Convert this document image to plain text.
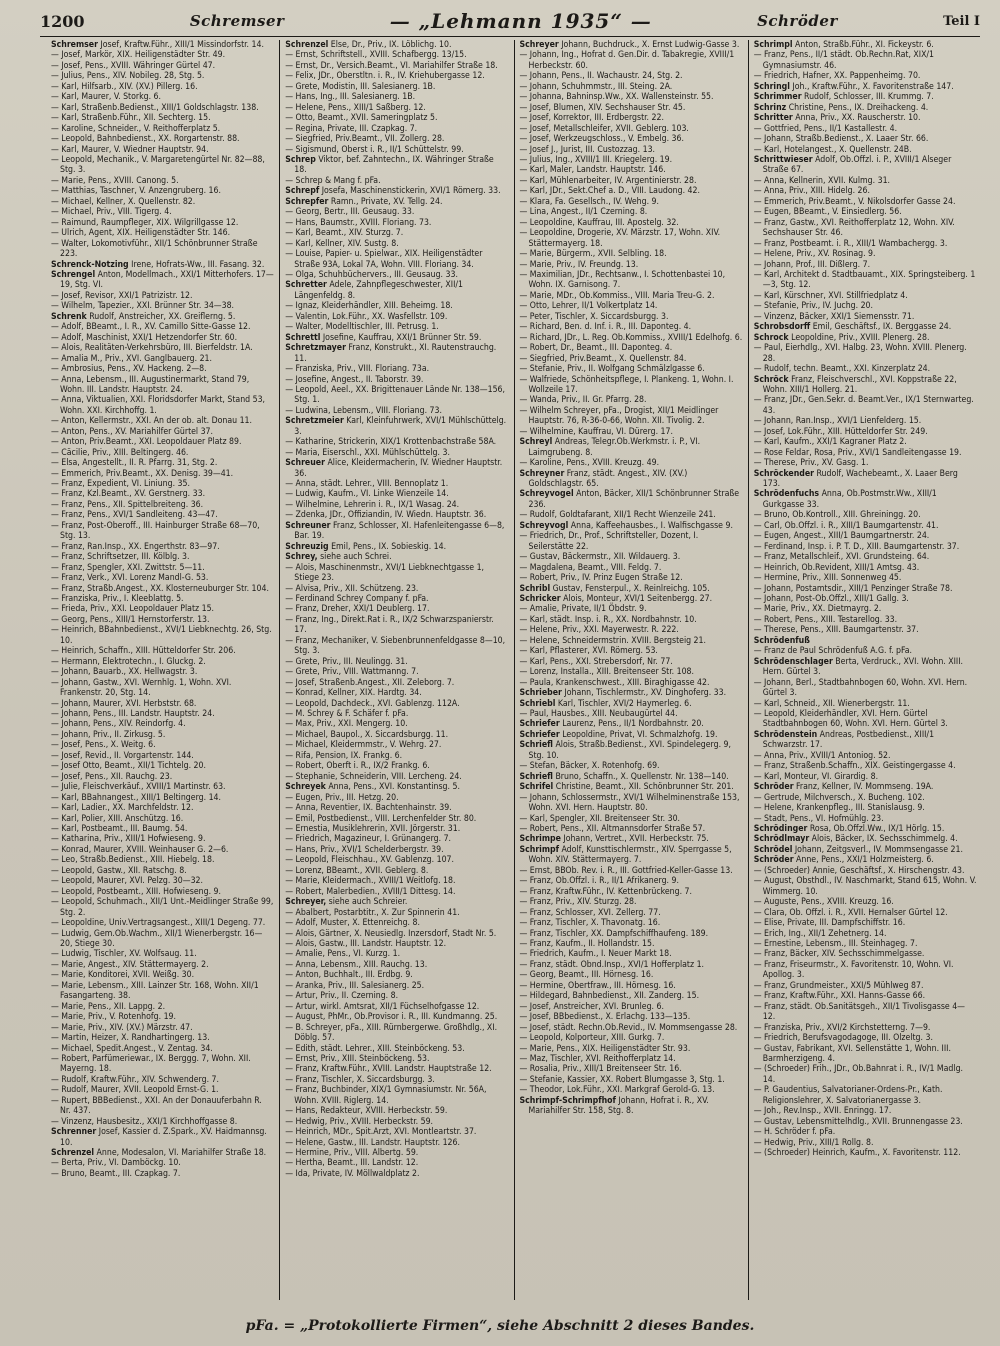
1200	Schremser	— „Lehmann 1935“ —	Schröder	Teil I

Schremser Josef, Kraftw.Führ., XIII/1 Missindorfstr. 14.

— Josef, Markör, XIX. Heiligenstädter Str. 49.

— Josef, Pens., XVIII. Währinger Gürtel 47.

— Julius, Pens., XIV. Nobileg. 28, Stg. 5.

— Karl, Hilfsarb., XIV. (XV.) Pillerg. 16.

— Karl, Maurer, V. Storkg. 6.

— Karl, Straßenb.Bedienst., XIII/1 Goldschlagstr. 138.

— Karl, Straßenb.Führ., XII. Sechterg. 15.

— Karoline, Schneider., V. Reithofferplatz 5.

— Leopold, Bahnbedienst., XX. Rorgartenstr. 88.

— Karl, Maurer, V. Wiedner Hauptstr. 94.

— Leopold, Mechanik., V. Margaretengürtel Nr. 82—88, Stg. 3.

— Marie, Pens., XVIII. Canong. 5.

— Matthias, Taschner, V. Anzengruberg. 16.

— Michael, Kellner, X. Quellenstr. 82.

— Michael, Priv., VIII. Tigerg. 4.

— Raimund, Raumpfleger, XIX. Wilgrillgasse 12.

— Ulrich, Agent, XIX. Heiligenstädter Str. 146.

— Walter, Lokomotivführ., XII/1 Schönbrunner Straße 223.

Schrenck-Notzing Irene, Hofrats-Ww., III. Fasang. 32.

Schrengel Anton, Modellmach., XXI/1 Mitterhofers. 17—19, Stg. VI.

— Josef, Revisor, XXI/1 Patrizistr. 12.

— Wilhelm, Tapezier., XXI. Brünner Str. 34—38.

Schrenk Rudolf, Anstreicher, XX. Greiflerng. 5.

— Adolf, BBeamt., I. R., XV. Camillo Sitte-Gasse 12.

— Adolf, Maschinist, XXI/1 Hetzendorfer Str. 60.

— Alois, Realitäten-Verkehrsbüro, III. Bierfeldstr. 1A.

— Amalia M., Priv., XVI. Ganglbauerg. 21.

— Ambrosius, Pens., XV. Hackeng. 2—8.

— Anna, Lebensm., III. Augustinermarkt, Stand 79, Wohn. III. Landstr. Hauptstr. 24.

— Anna, Viktualien, XXI. Floridsdorfer Markt, Stand 53, Wohn. XXI. Kirchhoffg. 1.

— Anton, Kellermstr., XXI. An der ob. alt. Donau 11.

— Anton, Pens., XV. Mariahilfer Gürtel 37.

— Anton, Priv.Beamt., XXI. Leopoldauer Platz 89.

— Cäcilie, Priv., XIII. Beltingerg. 46.

— Elsa, Angestellt., II. R. Pfarrg. 31, Stg. 2.

— Emmerich, Priv.Beamt., XX. Denisg. 39—41.

— Franz, Expedient, VI. Liniung. 35.

— Franz, Kzl.Beamt., XV. Gerstnerg. 33.

— Franz, Pens., XII. Spittelbreiteng. 36.

— Franz, Pens., XVI/1 Sandleiteng. 43—47.

— Franz, Post-Oberoff., III. Hainburger Straße 68—70, Stg. 13.

— Franz, Ran.Insp., XX. Engerthstr. 83—97.

— Franz, Schriftsetzer, III. Kölblg. 3.

— Franz, Spengler, XXI. Zwittstr. 5—11.

— Franz, Verk., XVI. Lorenz Mandl-G. 53.

— Franz, Straßb.Angest., XX. Klosterneuburger Str. 104.

— Franziska, Priv., I. Kleeblattg. 5.

— Frieda, Priv., XXI. Leopoldauer Platz 15.

— Georg, Pens., XIII/1 Hernstorferstr. 13.

— Heinrich, BBahnbedienst., XVI/1 Liebknechtg. 26, Stg. 10.

— Heinrich, Schaffn., XIII. Hütteldorfer Str. 206.

— Hermann, Elektrotechn., I. Gluckg. 2.

— Johann, Bauarb., XX. Hellwagstr. 3.

— Johann, Gastw., XVI. Wernhlg. 1, Wohn. XVI. Frankenstr. 20, Stg. 14.

— Johann, Maurer, XVI. Herbststr. 68.

— Johann, Pens., III. Landstr. Hauptstr. 24.

— Johann, Pens., XIV. Reindorfg. 4.

— Johann, Priv., II. Zirkusg. 5.

— Josef, Pens., X. Weitg. 6.

— Josef, Revid., II. Vorgartenstr. 144.

— Josef Otto, Beamt., XII/1 Tichtelg. 20.

— Josef, Pens., XII. Rauchg. 23.

— Julie, Fleischverkäuf., XVIII/1 Martinstr. 63.

— Karl, BBahnangest., XIII/1 Beltingerg. 14.

— Karl, Ladier., XX. Marchfeldstr. 12.

— Karl, Polier, XIII. Anschützg. 16.

— Karl, Postbeamt., III. Baumg. 54.

— Katharina, Priv., XIII/1 Hofwieseng. 9.

— Konrad, Maurer, XVIII. Weinhauser G. 2—6.

— Leo, Straßb.Bedienst., XIII. Hiebelg. 18.

— Leopold, Gastw., XII. Ratschg. 8.

— Leopold, Maurer, XVI. Pelzg. 30—32.

— Leopold, Postbeamt., XIII. Hofwieseng. 9.

— Leopold, Schuhmach., XII/1 Unt.-Meidlinger Straße 99, Stg. 2.

— Leopoldine, Univ.Vertragsangest., XIII/1 Degeng. 77.

— Ludwig, Gem.Ob.Wachm., XII/1 Wienerbergstr. 16—20, Stiege 30.

— Ludwig, Tischler, XV. Wolfsaug. 11.

— Marie, Angest., XIV. Stättermayerg. 2.

— Marie, Konditorei, XVII. Weißg. 30.

— Marie, Lebensm., XIII. Lainzer Str. 168, Wohn. XII/1 Fasangarteng. 38.

— Marie, Pens., XII. Lappg. 2.

— Marie, Priv., V. Rotenhofg. 19.

— Marie, Priv., XIV. (XV.) Märzstr. 47.

— Martin, Heizer, X. Randhartingerg. 13.

— Michael, Spedit.Angest., V. Zentag. 34.

— Robert, Parfümeriewar., IX. Berggg. 7, Wohn. XII. Mayerng. 18.

— Rudolf, Kraftw.Führ., XIV. Schwenderg. 7.

— Rudolf, Maurer, XVII. Leopold Ernst-G. 1.

— Rupert, BBBedienst., XXI. An der Donauuferbahn R. Nr. 437.

— Vinzenz, Hausbesitz., XXI/1 Kirchhoffgasse 8.

Schrenner Josef, Kassier d. Z.Spark., XV. Haidmannsg. 10.

Schrenzel Anne, Modesalon, VI. Mariahilfer Straße 18.

— Berta, Priv., VI. Damböckg. 10.

— Bruno, Beamt., III. Czapkag. 7.

Schrenzel Else, Dr., Priv., IX. Löblichg. 10.

— Ernst, Schriftstell., XVIII. Schafbergg. 13/15.

— Ernst, Dr., Versich.Beamt., VI. Mariahilfer Straße 18.

— Felix, JDr., Oberstltn. i. R., IV. Kriehubergasse 12.

— Grete, Modistin, III. Salesianerg. 1B.

— Hans, Ing., III. Salesianerg. 1B.

— Helene, Pens., XIII/1 Saßberg. 12.

— Otto, Beamt., XVII. Sameringplatz 5.

— Regina, Private, III. Czapkag. 7.

— Siegfried, Priv.Beamt., VII. Zollerg. 28.

— Sigismund, Oberst i. R., II/1 Schüttelstr. 99.

Schrep Viktor, bef. Zahntechn., IX. Währinger Straße 18.

— Schrep & Mang f. pFa.

Schrepf Josefa, Maschinenstickerin, XVI/1 Römerg. 33.

Schrepfer Ramn., Private, XV. Tellg. 24.

— Georg, Bertr., III. Geusaug. 33.

— Hans, Baumstr., XVIII. Floriang. 73.

— Karl, Beamt., XIV. Sturzg. 7.

— Karl, Kellner, XIV. Sustg. 8.

— Louise, Papier- u. Spielwar., XIX. Heiligenstädter Straße 93A, Lokal 7A, Wohn. VIII. Floriang. 34.

— Olga, Schuhbüchervers., III. Geusaug. 33.

Schretter Adele, Zahnpflegeschwester, XII/1 Längenfeldg. 8.

— Ignaz, Kleiderhändler, XIII. Beheimg. 18.

— Valentin, Lok.Führ., XX. Wasfellstr. 109.

— Walter, Modelltischler, III. Petrusg. 1.

Schrettl Josefine, Kauffrau, XXI/1 Brünner Str. 59.

Schretzmayer Franz, Konstrukt., XI. Rautenstrauchg. 11.

— Franziska, Priv., VIII. Floriang. 73a.

— Josefine, Angest., II. Taborstr. 39.

— Leopold, Aeel., XX. Brigittenauer Lände Nr. 138—156, Stg. 1.

— Ludwina, Lebensm., VIII. Floriang. 73.

Schretzmeier Karl, Kleinfuhrwerk, XVI/1 Mühlschüttelg. 3.

— Katharine, Strickerin, XIX/1 Krottenbachstraße 58A.

— Maria, Eiserschl., XXI. Mühlschüttelg. 3.

Schreuer Alice, Kleidermacherin, IV. Wiedner Hauptstr. 36.

— Anna, städt. Lehrer., VIII. Bennoplatz 1.

— Ludwig, Kaufm., VI. Linke Wienzeile 14.

— Wilhelmine, Lehrerin i. R., IX/1 Wasag. 24.

— Zdenka, JDr., Offiziandin, IV. Wiedn. Hauptstr. 36.

Schreuner Franz, Schlosser, XI. Hafenleitengasse 6—8, Bar. 19.

Schreuzig Emil, Pens., IX. Sobieskig. 14.

Schrey, siehe auch Schrei.

— Alois, Maschinenmstr., XVI/1 Liebknechtgasse 1, Stiege 23.

— Alvisa, Priv., XII. Schützeng. 23.

— Ferdinand Schrey Company f. pFa.

— Franz, Dreher, XXI/1 Deublerg. 17.

— Franz, Ing., Direkt.Rat i. R., IX/2 Schwarzspanierstr. 17.

— Franz, Mechaniker, V. Siebenbrunnenfeldgasse 8—10, Stg. 3.

— Grete, Priv., III. Neulingg. 31.

— Grete, Priv., VIII. Wattmanng. 7.

— Josef, Straßenb.Angest., XII. Zeleborg. 7.

— Konrad, Kellner, XIX. Hardtg. 34.

— Leopold, Dachdeck., XVI. Gablenzg. 112A.

— M. Schrey & F. Schäfer f. pFa.

— Max, Priv., XXI. Mengerg. 10.

— Michael, Baupol., X. Siccardsburgg. 11.

— Michael, Kleidermmstr., V. Wehrg. 27.

— Rifa, Pension, IX. Frankg. 6.

— Robert, Oberft i. R., IX/2 Frankg. 6.

— Stephanie, Schneiderin, VIII. Lercheng. 24.

Schreyek Anna, Pens., XVI. Konstantinsg. 5.

— Eugen, Priv., III. Hetzg. 20.

— Anna, Reventier, IX. Bachtenhainstr. 39.

— Emil, Postbedienst., VIII. Lerchenfelder Str. 80.

— Ernestia, Musiklehrerin, XVII. Jörgerstr. 31.

— Friedrich, Magazineur, I. Grünangerg. 7.

— Hans, Priv., XVI/1 Schelderbergstr. 39.

— Leopold, Fleischhau., XV. Gablenzg. 107.

— Lorenz, BBeamt., XVII. Geblerg. 8.

— Marie, Kleidermach., XVIII/1 Weitlofg. 18.

— Robert, Malerbedien., XVIII/1 Dittesg. 14.

Schreyer, siehe auch Schreier.

— Abalbert, Postarbtitr., X. Zur Spinnerin 41.

— Adolf, Muster, X. Ettenreichg. 8.

— Alois, Gärtner, X. Neusiedlg. Inzersdorf, Stadt Nr. 5.

— Alois, Gastw., III. Landstr. Hauptstr. 12.

— Amalie, Pens., VI. Kurzg. 1.

— Anna, Lebensm., XIII. Rauchg. 13.

— Anton, Buchhalt., III. Erdbg. 9.

— Aranka, Priv., III. Salesianerg. 25.

— Artur, Priv., II. Czerning. 8.

— Artur, wirkl. Amtsrat, XII/1 Füchselhofgasse 12.

— August, PhMr., Ob.Provisor i. R., III. Kundmanng. 25.

— B. Schreyer, pFa., XIII. Rürnbergerwe. Großhdlg., XI. Döblg. 57.

— Edith, städt. Lehrer., XIII. Steinböckeng. 53.

— Ernst, Priv., XIII. Steinböckeng. 53.

— Franz, Kraftw.Führ., XVIII. Landstr. Hauptstraße 12.

— Franz, Tischler, X. Siccardsburgg. 3.

— Franz, Buchbinder, XIX/1 Gymnasiumstr. Nr. 56A, Wohn. XVIII. Riglerg. 14.

— Hans, Redakteur, XVIII. Herbeckstr. 59.

— Hedwig, Priv., XVIII. Herbeckstr. 59.

— Heinrich, MDr., Spit.Arzt, XVI. Montleartstr. 37.

— Helene, Gastw., III. Landstr. Hauptstr. 126.

— Hermine, Priv., VIII. Albertg. 59.

— Hertha, Beamt., III. Landstr. 12.

— Ida, Private, IV. Möllwaldplatz 2.

Schreyer Johann, Buchdruck., X. Ernst Ludwig-Gasse 3.

— Johann, Ing., Hofrat d. Gen.Dir. d. Tabakregie, XVIII/1 Herbeckstr. 60.

— Johann, Pens., II. Wachaustr. 24, Stg. 2.

— Johann, Schuhmmstr., III. Steing. 2A.

— Johanna, Bahninsp.Ww., XX. Wallensteinstr. 55.

— Josef, Blumen, XIV. Sechshauser Str. 45.

— Josef, Korrektor, III. Erdbergstr. 22.

— Josef, Metallschleifer, XVII. Geblerg. 103.

— Josef, Werkzeugschloss., V. Embelg. 36.

— Josef J., Jurist, III. Custozzag. 13.

— Julius, Ing., XVIII/1 III. Kriegelerg. 19.

— Karl, Maler, Landstr. Hauptstr. 146.

— Karl, Mühlenarbeiter, IV. Argentinierstr. 28.

— Karl, JDr., Sekt.Chef a. D., VIII. Laudong. 42.

— Klara, Fa. Gesellsch., IV. Wehg. 9.

— Lina, Angest., II/1 Czerning. 8.

— Leopoldine, Kauffrau, III. Apostelg. 32.

— Leopoldine, Drogerie, XV. Märzstr. 17, Wohn. XIV. Stättermayerg. 18.

— Marie, Bürgerm., XVII. Selbling. 18.

— Marie, Priv., IV. Freundg. 13.

— Maximilian, JDr., Rechtsanw., I. Schottenbastei 10, Wohn. IX. Garnisong. 7.

— Marie, MDr., Ob.Kommiss., VIII. Maria Treu-G. 2.

— Otto, Lehrer, II/1 Volkertplatz 14.

— Peter, Tischler, X. Siccardsburgg. 3.

— Richard, Ben. d. Inf. i. R., III. Daponteg. 4.

— Richard, JDr., L. Reg. Ob.Kommiss., XVIII/1 Edelhofg. 6.

— Robert, Dr., Beamt., III. Daponteg. 4.

— Siegfried, Priv.Beamt., X. Quellenstr. 84.

— Stefanie, Priv., II. Wolfgang Schmälzlgasse 6.

— Walfriede, Schönheitspflege, I. Plankeng. 1, Wohn. I. Wollzeile 17.

— Wanda, Priv., II. Gr. Pfarrg. 28.

— Wilhelm Schreyer, pFa., Drogist, XII/1 Meidlinger Hauptstr. 76, R-36-0-66, Wohn. XII. Tivolig. 2.

— Wilhelmine, Kauffrau, VI. Dürerg. 17.

Schreyl Andreas, Telegr.Ob.Werkmstr. i. P., VI. Laimgrubeng. 8.

— Karoline, Pens., XVIII. Kreuzg. 49.

Schreyner Franz, städt. Angest., XIV. (XV.) Goldschlagstr. 65.

Schreyvogel Anton, Bäcker, XII/1 Schönbrunner Straße 236.

— Rudolf, Goldtafarant, XII/1 Recht Wienzeile 241.

Schreyvogl Anna, Kaffeehausbes., I. Walfischgasse 9.

— Friedrich, Dr., Prof., Schriftsteller, Dozent, I. Seilerstätte 22.

— Gustav, Bäckermstr., XII. Wildauerg. 3.

— Magdalena, Beamt., VIII. Feldg. 7.

— Robert, Priv., IV. Prinz Eugen Straße 12.

Schribl Gustav, Fensterpul., X. Reinlreichg. 105.

Schricker Alois, Monteur, XVI/1 Seitenbergg. 27.

— Amalie, Private, II/1 Öbdstr. 9.

— Karl, städt. Insp. i. R., XX. Nordbahnstr. 10.

— Helene, Priv., XXI. Mayerwestr. R. 222.

— Helene, Schneidermstrin. XVIII. Bergsteig 21.

— Karl, Pflasterer, XVI. Römerg. 53.

— Karl, Pens., XXI. Strebersdorf, Nr. 77.

— Lorenz, Installa., XIII. Breitenseer Str. 108.

— Paula, Krankenschwest., XIII. Biraghigasse 42.

Schrieber Johann, Tischlermstr., XV. Dinghoferg. 33.

Schriebl Karl, Tischler, XVI/2 Haymerleg. 6.

— Paul, Hausbes., XIII. Neubaugürtel 44.

Schriefer Laurenz, Pens., II/1 Nordbahnstr. 20.

Schriefer Leopoldine, Privat, VI. Schmalzhofg. 19.

Schriefl Alois, Straßb.Bedienst., XVI. Spindelegerg. 9, Stg. 10.

— Stefan, Bäcker, X. Rotenhofg. 69.

Schriefl Bruno, Schaffn., X. Quellenstr. Nr. 138—140.

Schrifel Christine, Beamt., XII. Schönbrunner Str. 201.

— Johann, Schlossermstr., XVI/1 Wilhelminenstraße 153, Wohn. XVI. Hern. Hauptstr. 80.

— Karl, Spengler, XII. Breitenseer Str. 30.

— Robert, Pens., XII. Altmannsdorfer Straße 57.

Schrimpe Johann, Vertret., XVII. Herbeckstr. 75.

Schrimpf Adolf, Kunsttischlermstr., XIV. Sperrgasse 5, Wohn. XIV. Stättermayerg. 7.

— Ernst, BBOb. Rev. i. R., III. Gottfried-Keller-Gasse 13.

— Franz, Ob.Offzl. i. R., II/1 Afrikanerg. 9.

— Franz, Kraftw.Führ., IV. Kettenbrückeng. 7.

— Franz, Priv., XIV. Sturzg. 28.

— Franz, Schlosser, XVI. Zellerg. 77.

— Franz, Tischler, X. Thavonatg. 16.

— Franz, Tischler, XX. Dampfschiffhaufeng. 189.

— Franz, Kaufm., II. Hollandstr. 15.

— Friedrich, Kaufm., I. Neuer Markt 18.

— Franz, städt. Obnd.Insp., XVI/1 Hofferplatz 1.

— Georg, Beamt., III. Hörnesg. 16.

— Hermine, Obertfraw., III. Hörnesg. 16.

— Hildegard, Bahnbedienst., XII. Zanderg. 15.

— Josef, Anstreicher, XVI. Brunleg. 6.

— Josef, BBbedienst., X. Erlachg. 133—135.

— Josef, städt. Rechn.Ob.Revid., IV. Mommsengasse 28.

— Leopold, Kolporteur, XIII. Gurkg. 7.

— Marie, Pens., XIX. Heiligenstädter Str. 93.

— Maz, Tischler, XVI. Reithofferplatz 14.

— Rosalia, Priv., XIII/1 Breitenseer Str. 16.

— Stefanie, Kassier, XX. Robert Blumgasse 3, Stg. 1.

— Theodor, Lok.Führ., XXI. Markgraf Gerold-G. 13.

Schrimpf-Schrimpfhof Johann, Hofrat i. R., XV. Mariahilfer Str. 158, Stg. 8.

Schrimpl Anton, Straßb.Führ., XI. Fickeystr. 6.

— Franz, Pens., II/1 städt. Ob.Rechn.Rat, XIX/1 Gymnasiumstr. 46.

— Friedrich, Hafner, XX. Pappenheimg. 70.

Schringl Joh., Kraftw.Führ., X. Favoritenstraße 147.

Schrimmer Rudolf, Schlosser, III. Krummg. 7.

Schrinz Christine, Pens., IX. Dreihackeng. 4.

Schritter Anna, Priv., XX. Rauscherstr. 10.

— Gottfried, Pens., II/1 Kastallestr. 4.

— Johann, Straßb.Bedienst., X. Laaer Str. 66.

— Karl, Hotelangest., X. Quellenstr. 24B.

Schrittwieser Adolf, Ob.Offzl. i. P., XVIII/1 Alseger Straße 67.

— Anna, Kellnerin, XVII. Kulmg. 31.

— Anna, Priv., XIII. Hidelg. 26.

— Emmerich, Priv.Beamt., V. Nikolsdorfer Gasse 24.

— Eugen, BBeamt., V. Einsiedlerg. 56.

— Franz, Gastw., XVI. Reithofferplatz 12, Wohn. XIV. Sechshauser Str. 46.

— Franz, Postbeamt. i. R., XIII/1 Wambachergg. 3.

— Helene, Priv., XV. Rosinag. 9.

— Johann, Prof., III. Dißlerg. 7.

— Karl, Architekt d. Stadtbauamt., XIX. Springsteiberg. 1—3, Stg. 12.

— Karl, Kürschner, XVI. Stillfriedplatz 4.

— Stefanie, Priv., IV. Juchg. 20.

— Vinzenz, Bäcker, XXI/1 Siemensstr. 71.

Schrobsdorff Emil, Geschäftsf., IX. Berggasse 24.

Schrock Leopoldine, Priv., XVIII. Plenerg. 28.

— Paul, Eierhdlg., XVI. Halbg. 23, Wohn. XVIII. Plenerg. 28.

— Rudolf, techn. Beamt., XXI. Kinzerplatz 24.

Schröck Franz, Fleischverschl., XVI. Koppstraße 22, Wohn. XIII/1 Hollerg. 21.

— Franz, JDr., Gen.Sekr. d. Beamt.Ver., IX/1 Sternwarteg. 43.

— Johann, Ran.Insp., XVI/1 Lienfelderg. 15.

— Josef, Lok.Führ., XIII. Hütteldorfer Str. 249.

— Karl, Kaufm., XXI/1 Kagraner Platz 2.

— Rose Feldar, Rosa, Priv., XVI/1 Sandleitengasse 19.

— Therese, Priv., XV. Gasg. 1.

Schröckender Rudolf, Wachebeamt., X. Laaer Berg 173.

Schrödenfuchs Anna, Ob.Postmstr.Ww., XIII/1 Gurkgasse 33.

— Bruno, Ob.Kontroll., XIII. Ghreiningg. 20.

— Carl, Ob.Offzl. i. R., XIII/1 Baumgartenstr. 41.

— Eugen, Angest., XIII/1 Baumgartnerstr. 24.

— Ferdinand, Insp. i. P. T. D., XIII. Baumgartenstr. 37.

— Franz, Metallschleif., XVI. Grundsteing. 64.

— Heinrich, Ob.Revident, XIII/1 Amtsg. 43.

— Hermine, Priv., XIII. Sonnenweg 45.

— Johann, Postamtsdir., XIII/1 Penzinger Straße 78.

— Johann, Post-Ob.Offzl., XIII/1 Gallg. 3.

— Marie, Priv., XX. Dietmayrg. 2.

— Robert, Pens., XIII. Testarellog. 33.

— Therese, Pens., XIII. Baumgartenstr. 37.

Schrödenfuß

— Franz de Paul Schrödenfuß A.G. f. pFa.

Schrödenschlager Berta, Verdruck., XVI. Wohn. XIII. Hern. Gürtel 3.

— Johann, Berl., Stadtbahnbogen 60, Wohn. XVI. Hern. Gürtel 3.

— Karl, Schneid., XII. Wienerbergstr. 11.

— Leopold, Kleiderhändler, XVI. Hern. Gürtel Stadtbahnbogen 60, Wohn. XVI. Hern. Gürtel 3.

Schrödenstein Andreas, Postbedienst., XIII/1 Schwarzstr. 17.

— Anna, Priv., XVIII/1 Antoniog. 52.

— Franz, Straßenb.Schaffn., XIX. Geistingergasse 4.

— Karl, Monteur, VI. Girardig. 8.

Schröder Franz, Kellner, IV. Mommseng. 19A.

— Gertrude, Milchversch., X. Bucheng. 102.

— Helene, Krankenpfleg., III. Stanislausg. 9.

— Stadt, Pens., VI. Hofmühlg. 23.

Schrödinger Rosa, Ob.Offzl.Ww., IX/1 Hörlg. 15.

Schrödlmayr Alois, Bäcker, IX. Sechsschimmelg. 4.

Schrödel Johann, Zeitgsverl., IV. Mommsengasse 21.

Schröder Anne, Pens., XXI/1 Holzmeisterg. 6.

— (Schroeder) Annie, Geschäftsf., X. Hirschengstr. 43.

— August, Obsthdl., IV. Naschmarkt, Stand 615, Wohn. V. Wimmerg. 10.

— Auguste, Pens., XVIII. Kreuzg. 16.

— Clara, Ob. Offzl. i. R., XVII. Hernalser Gürtel 12.

— Elise, Private, III. Dampfschiffstr. 16.

— Erich, Ing., XII/1 Zehetnerg. 14.

— Ernestine, Lebensm., III. Steinhageg. 7.

— Franz, Bäcker, XIV. Sechsschimmelgasse.

— Franz, Friseurmstr., X. Favoritenstr. 10, Wohn. VI. Apollog. 3.

— Franz, Grundmeister., XXI/5 Mühlweg 87.

— Franz, Kraftw.Führ., XXI. Hanns-Gasse 66.

— Franz, städt. Ob.Sanitätsgeh., XII/1 Tivolisgasse 4—12.

— Franziska, Priv., XVI/2 Kirchstetterng. 7—9.

— Friedrich, Berufsvagodagoge, III. Olzeltg. 3.

— Gustav, Fabrikant, XVI. Sellenstätte 1, Wohn. III. Barmherzigeng. 4.

— (Schroeder) Frih., JDr., Ob.Bahnrat i. R., IV/1 Madlg. 14.

— P. Gaudentius, Salvatorianer-Ordens-Pr., Kath. Religionslehrer, X. Salvatorianergasse 3.

— Joh., Rev.Insp., XVII. Enringg. 17.

— Gustav, Lebensmittelhdlg., XVII. Brunnengasse 23.

— H. Schröder f. pFa.

— Hedwig, Priv., XIII/1 Rollg. 8.

— (Schroeder) Heinrich, Kaufm., X. Favoritenstr. 112.

pFa. = „Protokollierte Firmen“, siehe Abschnitt 2 dieses Bandes.
